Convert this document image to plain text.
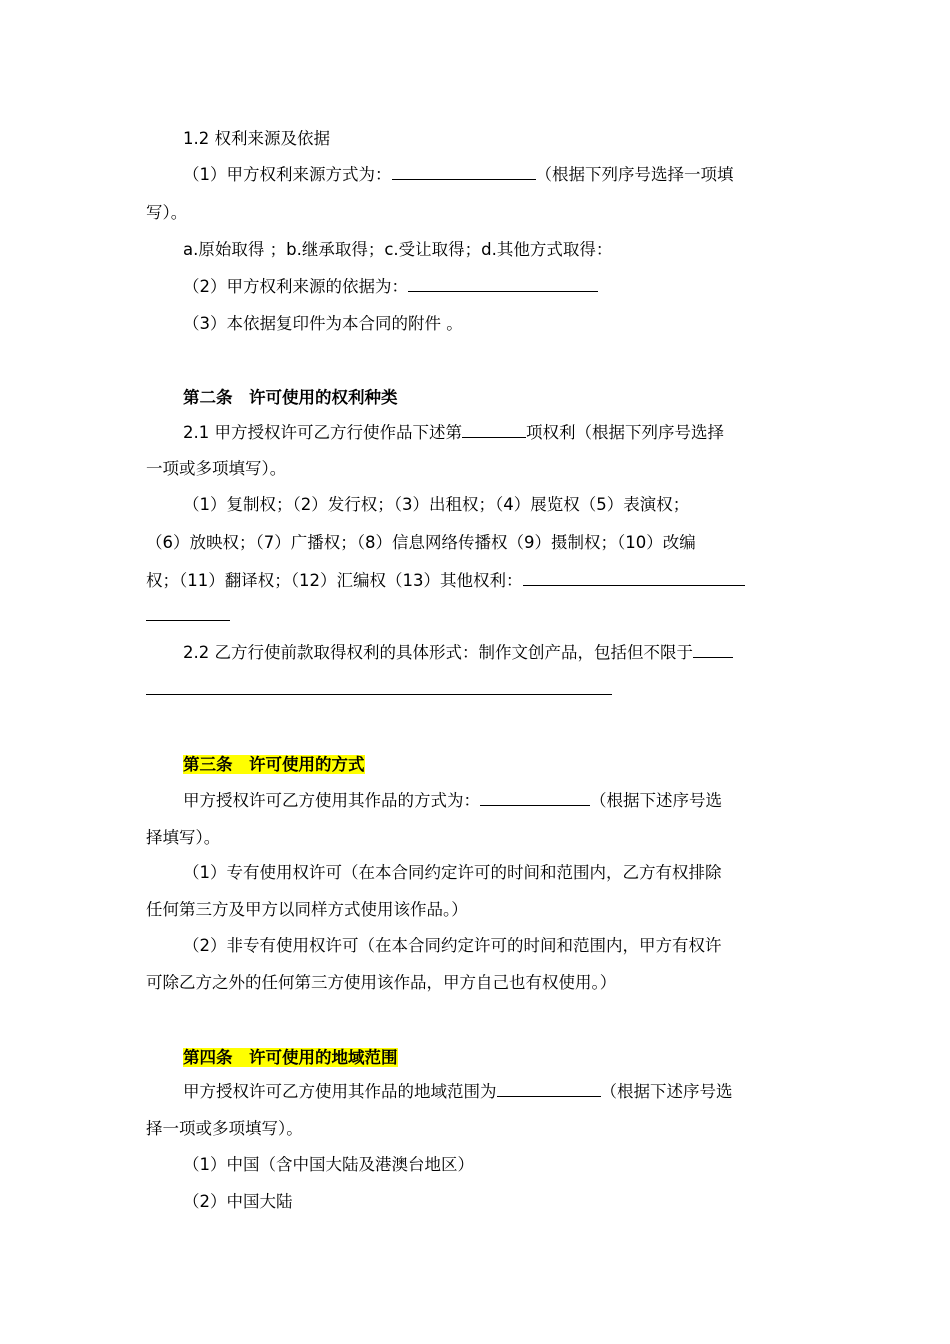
1.2 权利来源及依据
（1）甲方权利来源方式为：	（根据下列序号选择一项填
写）。
a.原始取得 ；b.继承取得；c.受让取得；d.其他方式取得：
（2）甲方权利来源的依据为：
（3）本依据复印件为本合同的附件 。
第二条　许可使用的权利种类
2.1 甲方授权许可乙方行使作品下述第	项权利（根据下列序号选择
一项或多项填写）。
（1）复制权；（2）发行权；（3）出租权；（4）展览权（5）表演权；
（6）放映权；（7）广播权；（8）信息网络传播权（9）摄制权；（10）改编
权；（11）翻译权；（12）汇编权（13）其他权利：
2.2 乙方行使前款取得权利的具体形式：制作文创产品，包括但不限于
第三条　许可使用的方式
甲方授权许可乙方使用其作品的方式为：	（根据下述序号选
择填写）。
（1）专有使用权许可（在本合同约定许可的时间和范围内，乙方有权排除
任何第三方及甲方以同样方式使用该作品。）
（2）非专有使用权许可（在本合同约定许可的时间和范围内，甲方有权许
可除乙方之外的任何第三方使用该作品，甲方自己也有权使用。）
第四条　许可使用的地域范围
甲方授权许可乙方使用其作品的地域范围为	（根据下述序号选
择一项或多项填写）。
（1）中国（含中国大陆及港澳台地区）
（2）中国大陆
